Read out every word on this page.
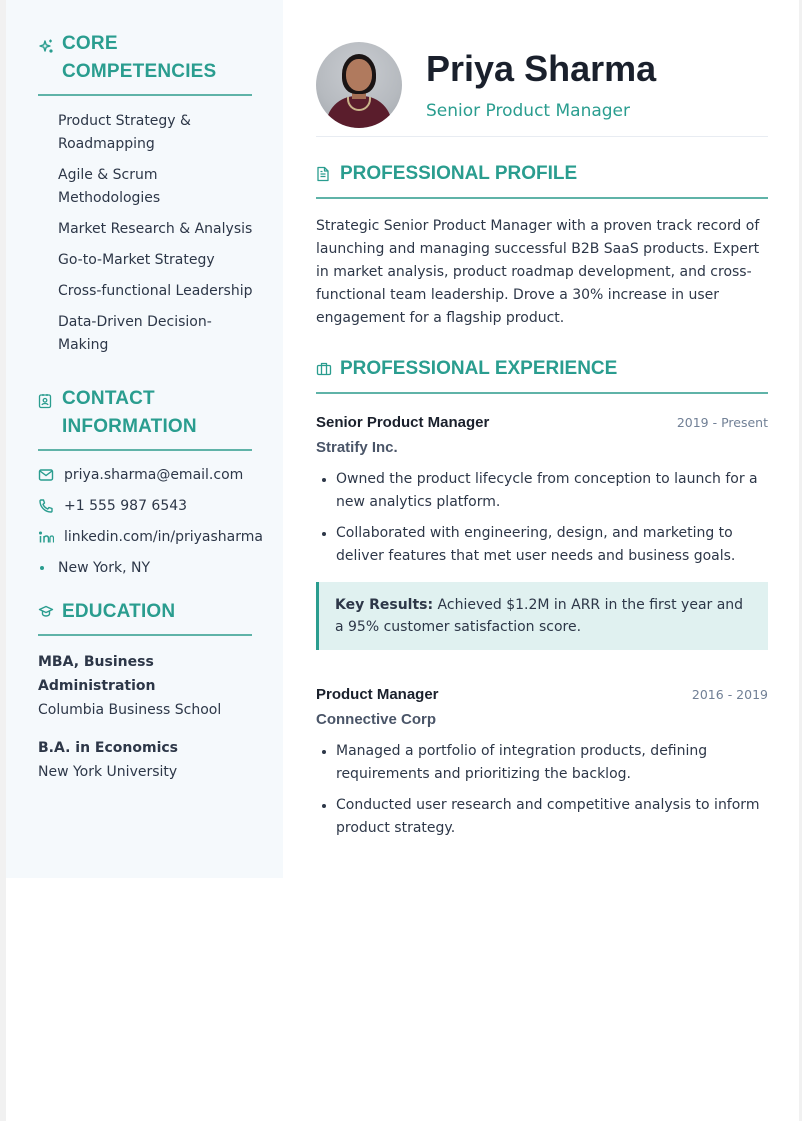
CORE COMPETENCIES
Product Strategy & Roadmapping
Agile & Scrum Methodologies
Market Research & Analysis
Go-to-Market Strategy
Cross-functional Leadership
Data-Driven Decision-Making
CONTACT INFORMATION
priya.sharma@email.com
+1 555 987 6543
linkedin.com/in/priyasharma
New York, NY
EDUCATION
MBA, Business Administration
Columbia Business School
B.A. in Economics
New York University
Priya Sharma
Senior Product Manager
PROFESSIONAL PROFILE

Strategic Senior Product Manager with a proven track record of launching and managing successful B2B SaaS products. Expert in market analysis, product roadmap development, and cross-functional team leadership. Drove a 30% increase in user engagement for a flagship product.

PROFESSIONAL EXPERIENCE
Senior Product Manager	2019 - Present
Stratify Inc.
Owned the product lifecycle from conception to launch for a new analytics platform.
Collaborated with engineering, design, and marketing to deliver features that met user needs and business goals.
Key Results: Achieved $1.2M in ARR in the first year and a 95% customer satisfaction score.
Product Manager	2016 - 2019
Connective Corp
Managed a portfolio of integration products, defining requirements and prioritizing the backlog.
Conducted user research and competitive analysis to inform product strategy.
